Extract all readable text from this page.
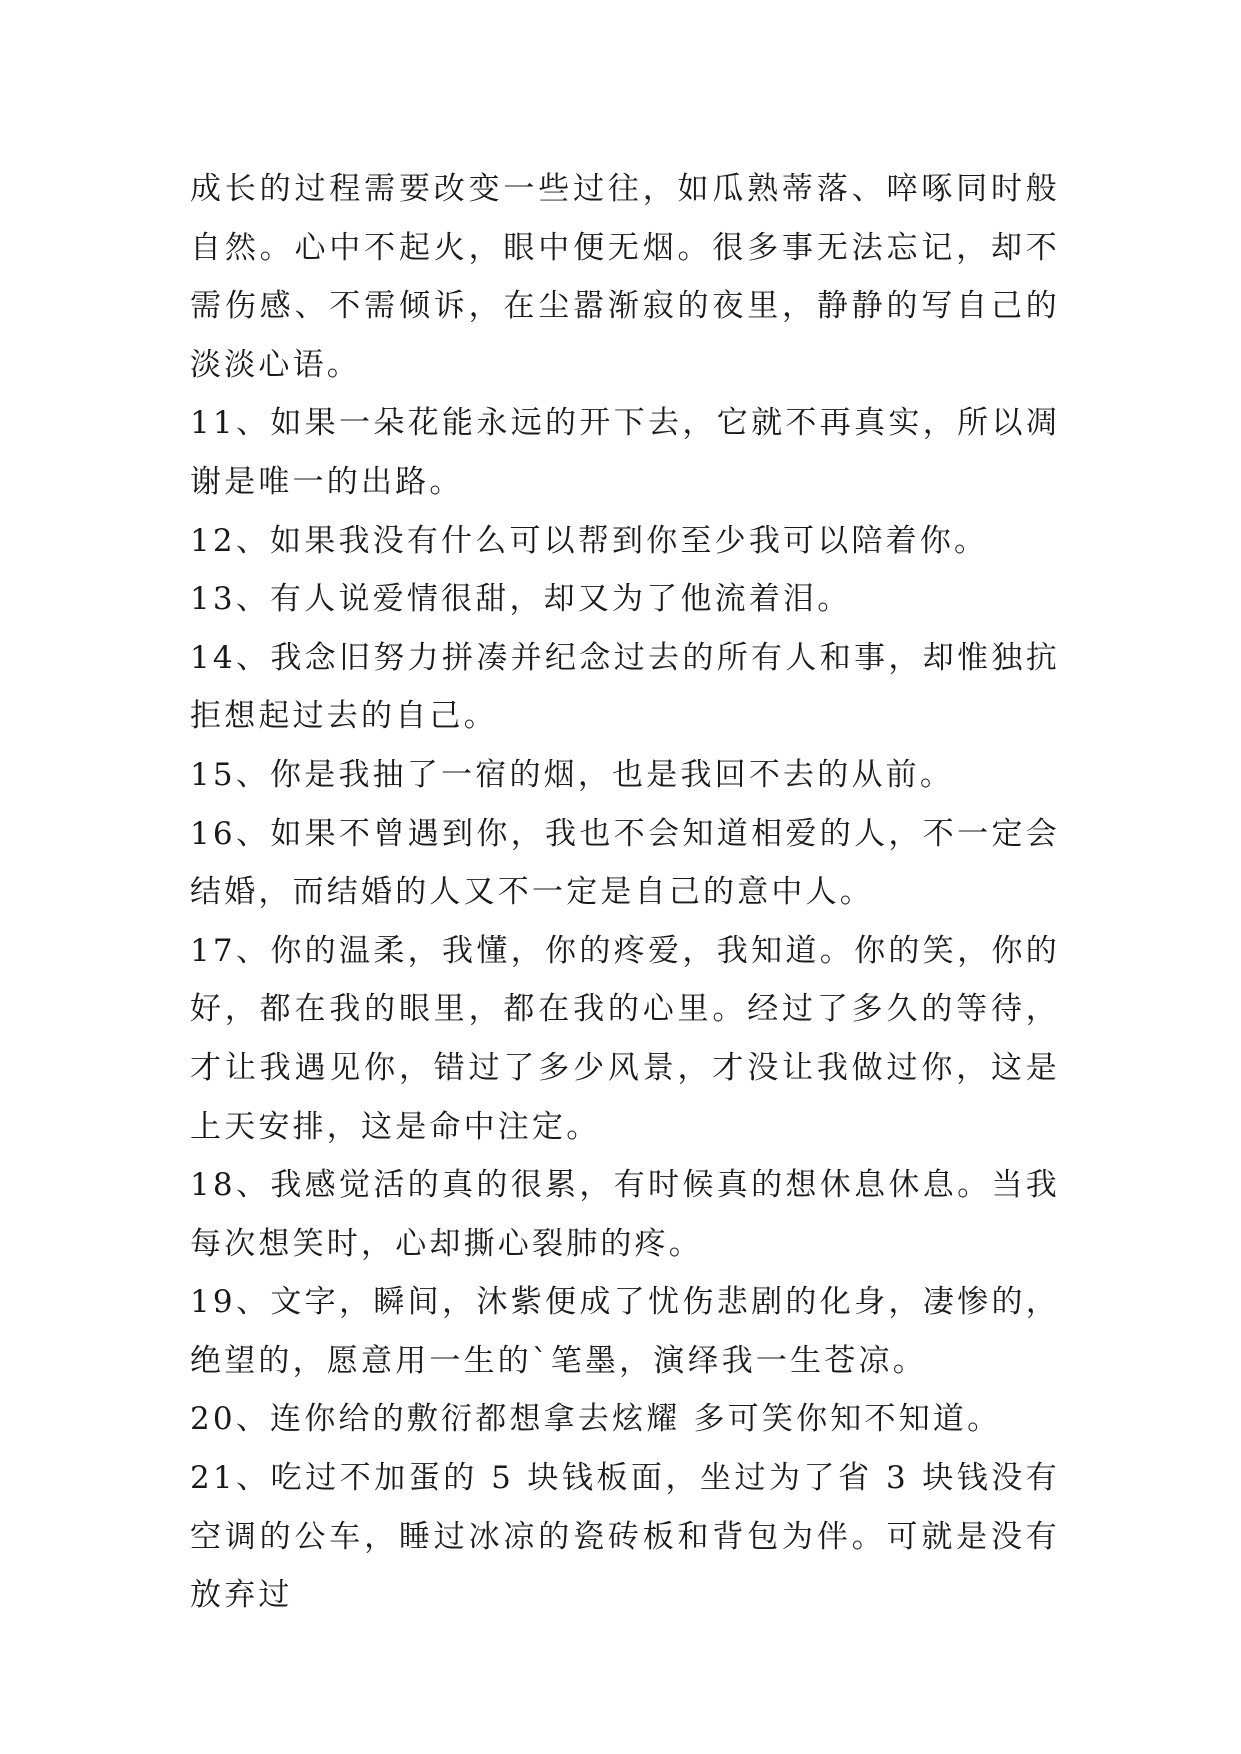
成长的过程需要改变一些过往，如瓜熟蒂落、啐啄同时般自然。心中不起火，眼中便无烟。很多事无法忘记，却不需伤感、不需倾诉，在尘嚣渐寂的夜里，静静的写自己的淡淡心语。

11、如果一朵花能永远的开下去，它就不再真实，所以凋谢是唯一的出路。

12、如果我没有什么可以帮到你至少我可以陪着你。

13、有人说爱情很甜，却又为了他流着泪。

14、我念旧努力拼凑并纪念过去的所有人和事，却惟独抗拒想起过去的自己。

15、你是我抽了一宿的烟，也是我回不去的从前。

16、如果不曾遇到你，我也不会知道相爱的人，不一定会结婚，而结婚的人又不一定是自己的意中人。

17、你的温柔，我懂，你的疼爱，我知道。你的笑，你的好，都在我的眼里，都在我的心里。经过了多久的等待，才让我遇见你，错过了多少风景，才没让我做过你，这是上天安排，这是命中注定。

18、我感觉活的真的很累，有时候真的想休息休息。当我每次想笑时，心却撕心裂肺的疼。

19、文字，瞬间，沐紫便成了忧伤悲剧的化身，凄惨的，绝望的，愿意用一生的`笔墨，演绎我一生苍凉。

20、连你给的敷衍都想拿去炫耀 多可笑你知不知道。

21、吃过不加蛋的 5 块钱板面，坐过为了省 3 块钱没有空调的公车，睡过冰凉的瓷砖板和背包为伴。可就是没有放弃过
